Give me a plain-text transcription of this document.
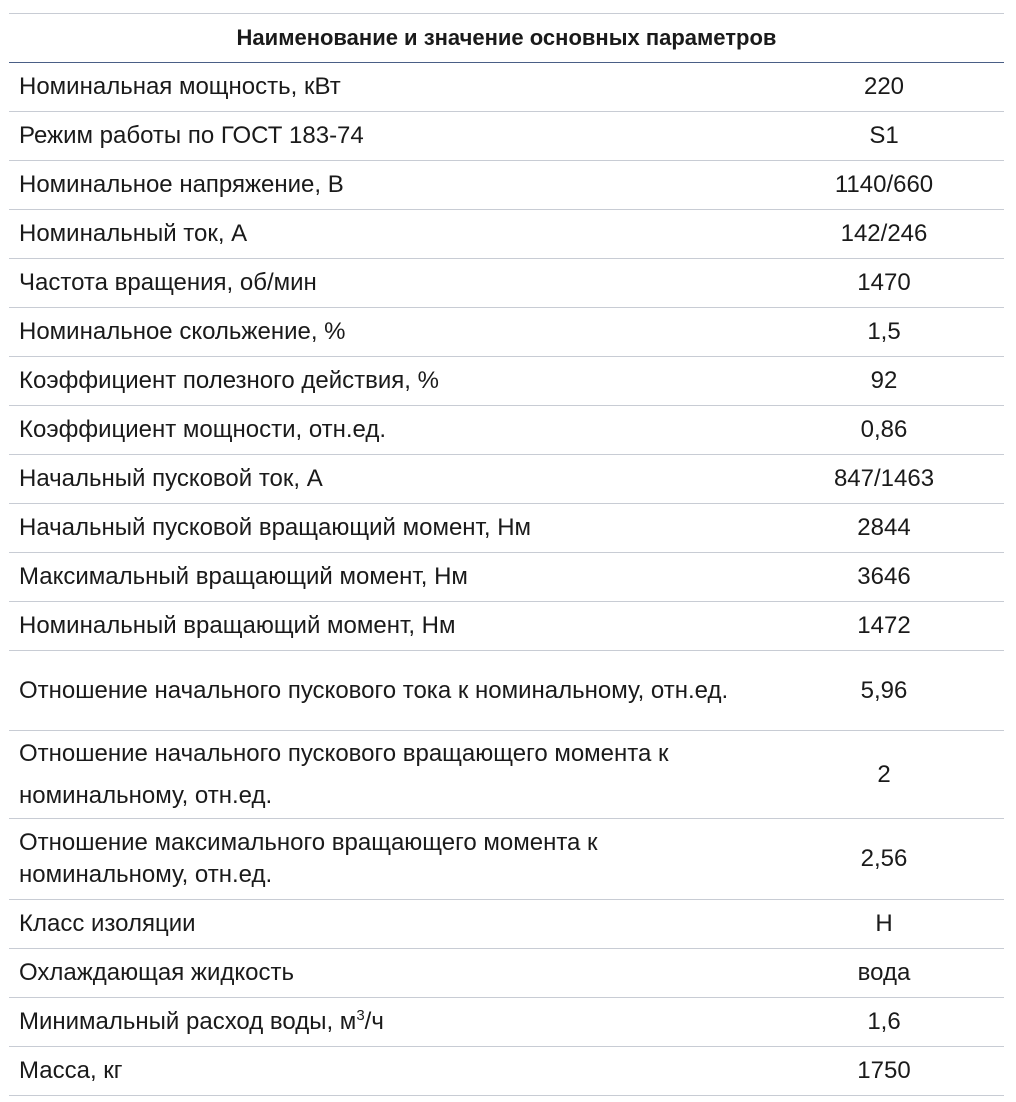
Наименование и значение основных параметров	
Номинальная мощность, кВт	220
Режим работы по ГОСТ 183-74	S1
Номинальное напряжение, В	1140/660
Номинальный ток, А	142/246
Частота вращения, об/мин	1470
Номинальное скольжение, %	1,5
Коэффициент полезного действия, %	92
Коэффициент мощности, отн.ед.	0,86
Начальный пусковой ток, А	847/1463
Начальный пусковой вращающий момент, Нм	2844
Максимальный вращающий момент, Нм	3646
Номинальный вращающий момент, Нм	1472
Отношение начального пускового тока к номинальному, отн.ед.	5,96
Отношение начального пускового вращающего момента к номинальному, отн.ед.	2
Отношение максимального вращающего момента к номинальному, отн.ед.	2,56
Класс изоляции	Н
Охлаждающая жидкость	вода
Минимальный расход воды, $м^3/ч$	1,6
Масса, кг	1750
